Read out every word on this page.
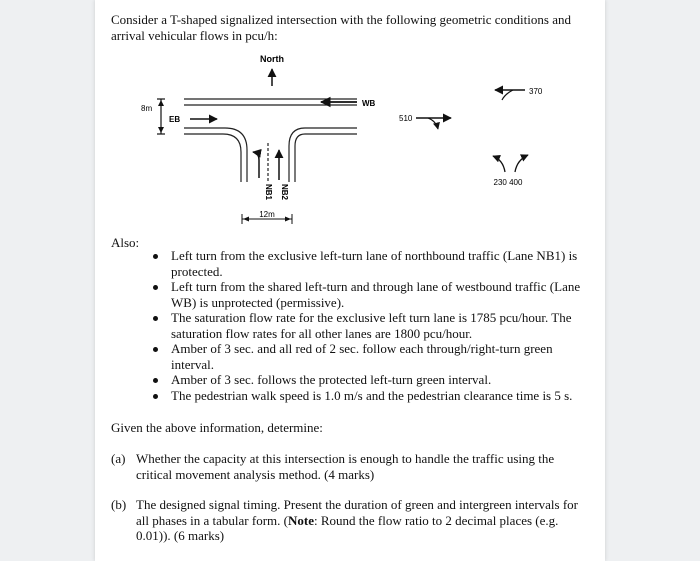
Consider a T-shaped signalized intersection with the following geometric conditions and
arrival vehicular flows in pcu/h:
North
8m
EB
WB
NB1 NB2
12m
370
510
230 400
Also:
Left turn from the exclusive left-turn lane of northbound traffic (Lane NB1) is protected.
Left turn from the shared left-turn and through lane of westbound traffic (Lane WB) is unprotected (permissive).
The saturation flow rate for the exclusive left turn lane is 1785 pcu/hour. The saturation flow rates for all other lanes are 1800 pcu/hour.
Amber of 3 sec. and all red of 2 sec. follow each through/right-turn green interval.
Amber of 3 sec. follows the protected left-turn green interval.
The pedestrian walk speed is 1.0 m/s and the pedestrian clearance time is 5 s.
Given the above information, determine:
(a) Whether the capacity at this intersection is enough to handle the traffic using the critical movement analysis method. (4 marks)
(b) The designed signal timing. Present the duration of green and intergreen intervals for all phases in a tabular form. (Note: Round the flow ratio to 2 decimal places (e.g. 0.01)). (6 marks)
